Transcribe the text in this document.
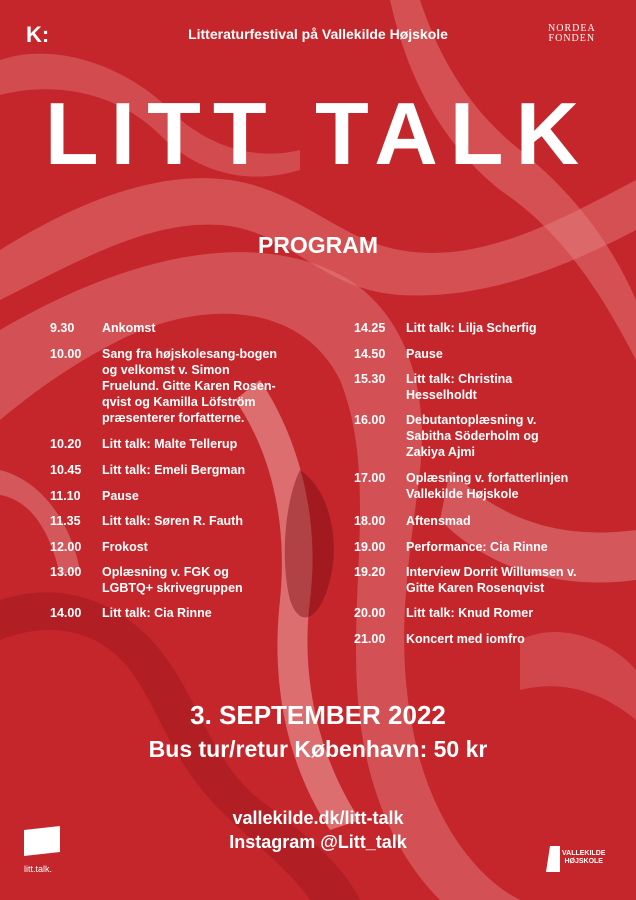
K:	Litteraturfestival på Vallekilde Højskole	NORDEA
FONDEN
LITT TALK
PROGRAM
9.30 Ankomst
10.00 Sang fra højskolesang-bogen og velkomst v. Simon Fruelund. Gitte Karen Rosen-qvist og Kamilla Löfström præsenterer forfatterne.
10.20 Litt talk: Malte Tellerup
10.45 Litt talk: Emeli Bergman
11.10 Pause
11.35 Litt talk: Søren R. Fauth
12.00 Frokost
13.00 Oplæsning v. FGK og LGBTQ+ skrivegruppen
14.00 Litt talk: Cia Rinne
14.25 Litt talk: Lilja Scherfig
14.50 Pause
15.30 Litt talk: Christina Hesselholdt
16.00 Debutantoplæsning v. Sabitha Söderholm og Zakiya Ajmi
17.00 Oplæsning v. forfatterlinjen Vallekilde Højskole
18.00 Aftensmad
19.00 Performance: Cia Rinne
19.20 Interview Dorrit Willumsen v. Gitte Karen Rosenqvist
20.00 Litt talk: Knud Romer
21.00 Koncert med iomfro
3. SEPTEMBER 2022
Bus tur/retur København: 50 kr
vallekilde.dk/litt-talk
Instagram @Litt_talk
litt.talk.
VALLEKILDE
HØJSKOLE
